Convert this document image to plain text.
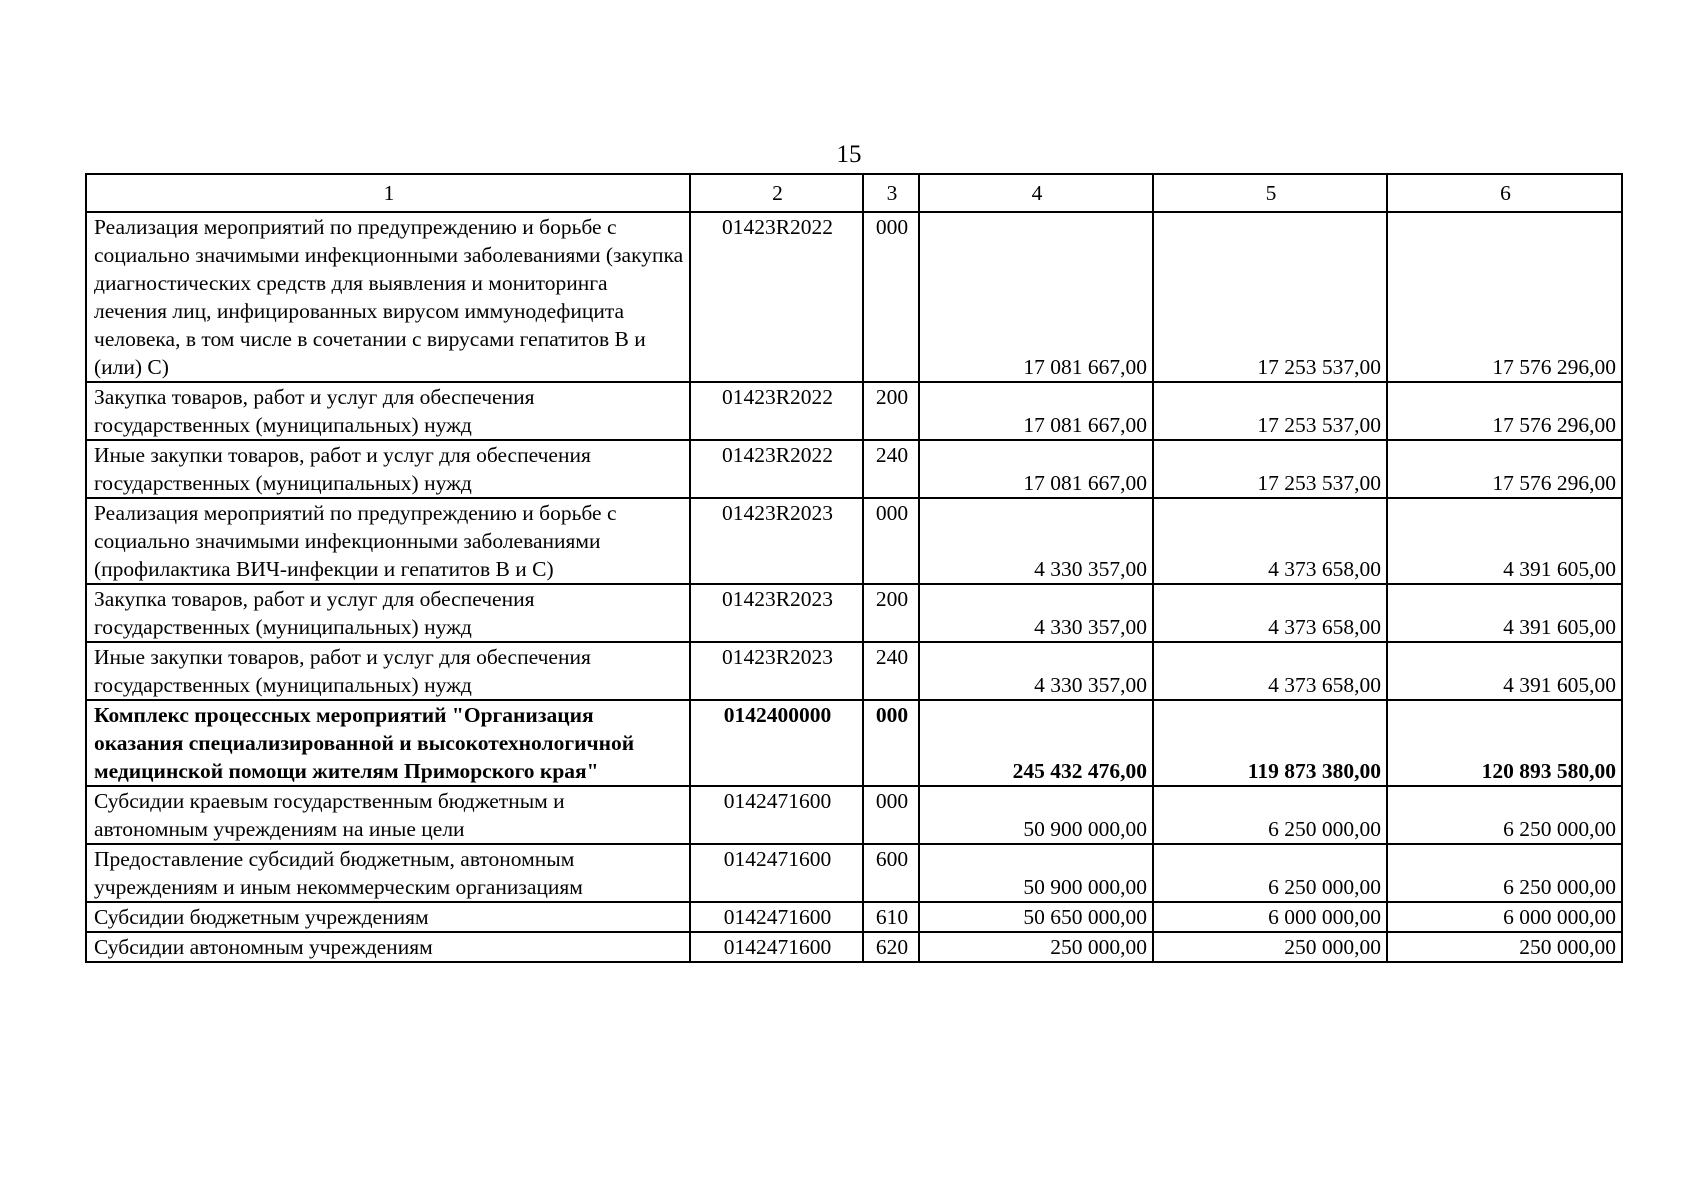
15
1	2	3	4	5	6
Реализация мероприятий по предупреждению и борьбе с социально значимыми инфекционными заболеваниями (закупка диагностических средств для выявления и мониторинга лечения лиц, инфицированных вирусом иммунодефицита человека, в том числе в сочетании с вирусами гепатитов B и (или) C)	01423R2022	000	17 081 667,00	17 253 537,00	17 576 296,00
Закупка товаров, работ и услуг для обеспечения государственных (муниципальных) нужд	01423R2022	200	17 081 667,00	17 253 537,00	17 576 296,00
Иные закупки товаров, работ и услуг для обеспечения государственных (муниципальных) нужд	01423R2022	240	17 081 667,00	17 253 537,00	17 576 296,00
Реализация мероприятий по предупреждению и борьбе с социально значимыми инфекционными заболеваниями (профилактика ВИЧ-инфекции и гепатитов B и C)	01423R2023	000	4 330 357,00	4 373 658,00	4 391 605,00
Закупка товаров, работ и услуг для обеспечения государственных (муниципальных) нужд	01423R2023	200	4 330 357,00	4 373 658,00	4 391 605,00
Иные закупки товаров, работ и услуг для обеспечения государственных (муниципальных) нужд	01423R2023	240	4 330 357,00	4 373 658,00	4 391 605,00
Комплекс процессных мероприятий "Организация оказания специализированной и высокотехнологичной медицинской помощи жителям Приморского края"	0142400000	000	245 432 476,00	119 873 380,00	120 893 580,00
Субсидии краевым государственным бюджетным и автономным учреждениям на иные цели	0142471600	000	50 900 000,00	6 250 000,00	6 250 000,00
Предоставление субсидий бюджетным, автономным учреждениям и иным некоммерческим организациям	0142471600	600	50 900 000,00	6 250 000,00	6 250 000,00
Субсидии бюджетным учреждениям	0142471600	610	50 650 000,00	6 000 000,00	6 000 000,00
Субсидии автономным учреждениям	0142471600	620	250 000,00	250 000,00	250 000,00
